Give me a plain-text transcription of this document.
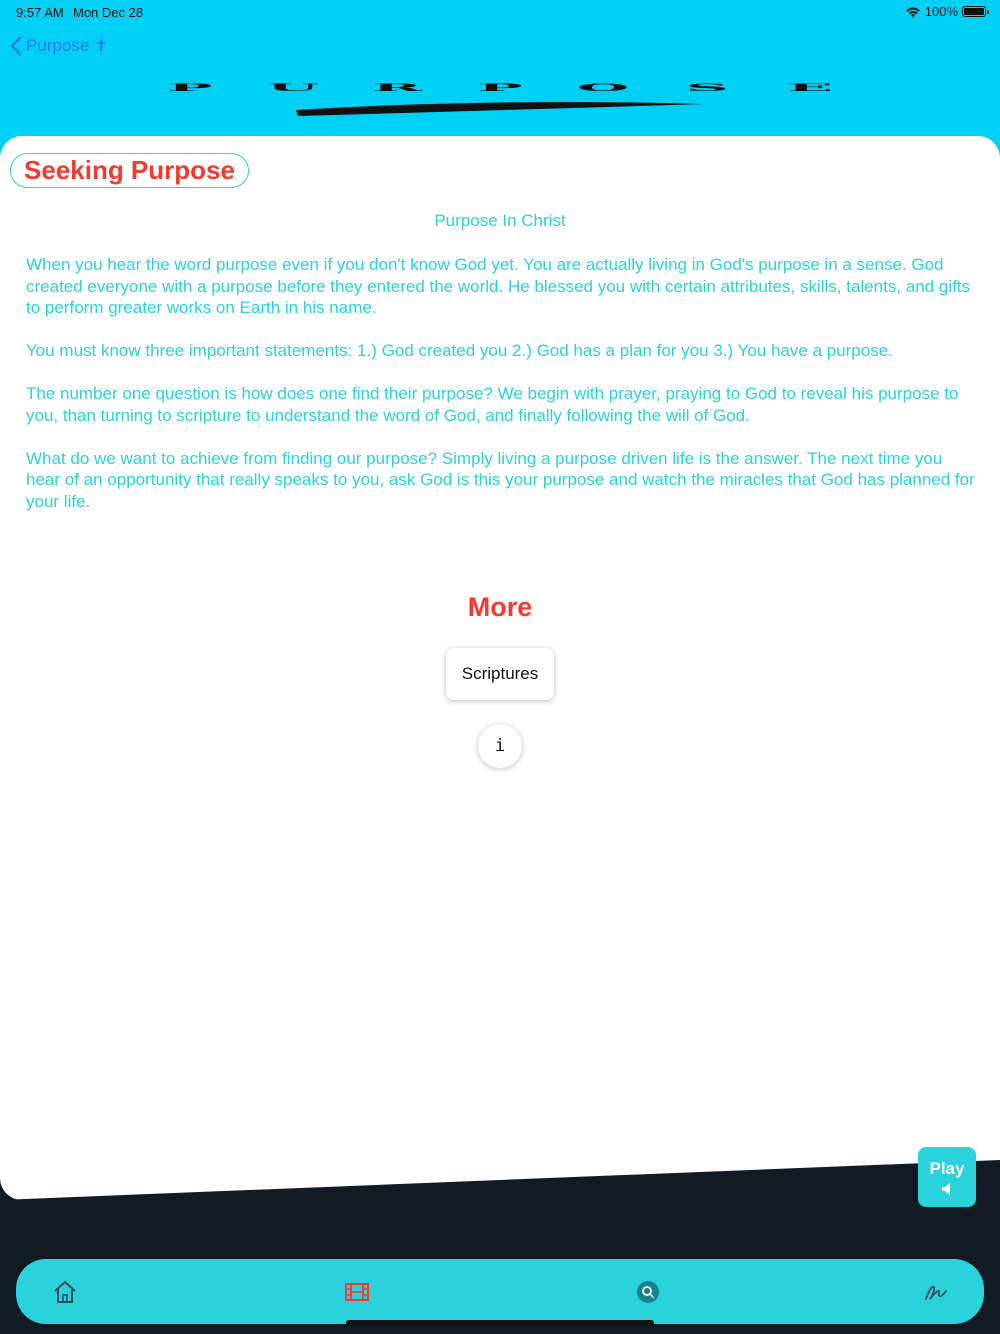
9:57 AM Mon Dec 28	100%
Purpose ✝
P	U	R	P	O	S	E
Seeking Purpose
Purpose In Christ

When you hear the word purpose even if you don't know God yet. You are actually living in God's purpose in a sense. God created everyone with a purpose before they entered the world. He blessed you with certain attributes, skills, talents, and gifts to perform greater works on Earth in his name.

You must know three important statements: 1.) God created you 2.) God has a plan for you 3.) You have a purpose.

The number one question is how does one find their purpose? We begin with prayer, praying to God to reveal his purpose to you, than turning to scripture to understand the word of God, and finally following the will of God.

What do we want to achieve from finding our purpose? Simply living a purpose driven life is the answer. The next time you hear of an opportunity that really speaks to you, ask God is this your purpose and watch the miracles that God has planned for your life.

More
Scriptures
i
Play
